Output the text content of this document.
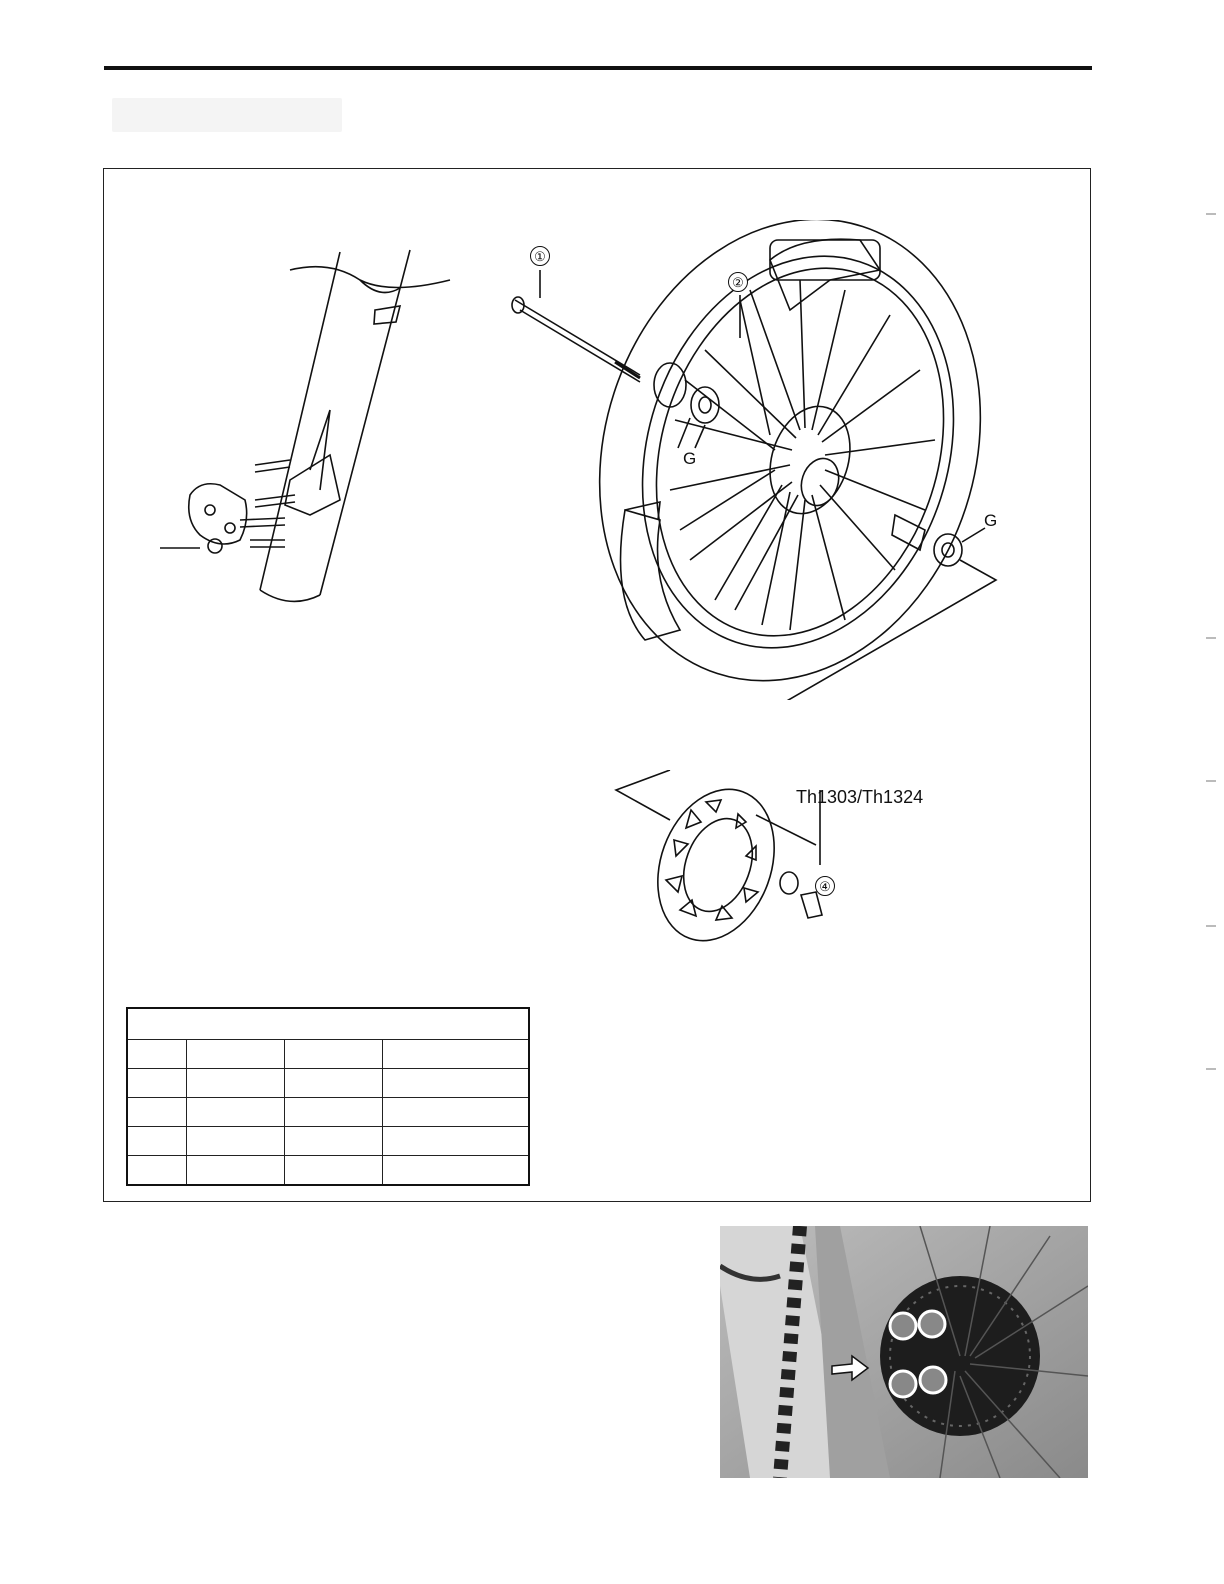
①
②
G
G
Th1303/Th1324
④
